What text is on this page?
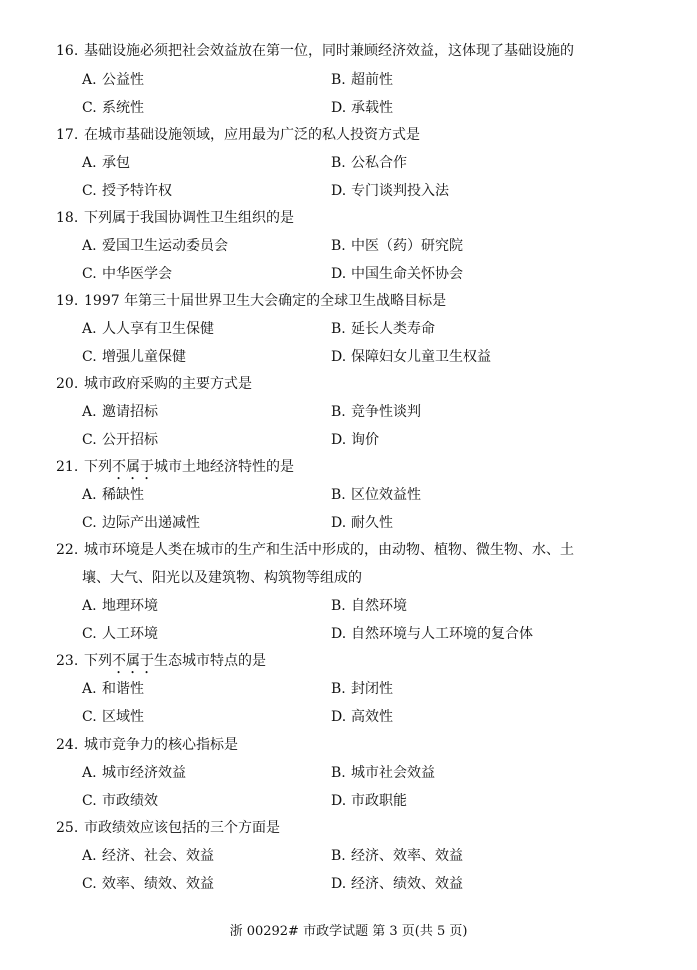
16. 基础设施必须把社会效益放在第一位，同时兼顾经济效益，这体现了基础设施的
A. 公益性	B. 超前性
C. 系统性	D. 承载性
17. 在城市基础设施领域，应用最为广泛的私人投资方式是
A. 承包	B. 公私合作
C. 授予特许权	D. 专门谈判投入法
18. 下列属于我国协调性卫生组织的是
A. 爱国卫生运动委员会	B. 中医（药）研究院
C. 中华医学会	D. 中国生命关怀协会
19. 1997 年第三十届世界卫生大会确定的全球卫生战略目标是
A. 人人享有卫生保健	B. 延长人类寿命
C. 增强儿童保健	D. 保障妇女儿童卫生权益
20. 城市政府采购的主要方式是
A. 邀请招标	B. 竞争性谈判
C. 公开招标	D. 询价
21. 下列不属于城市土地经济特性的是
A. 稀缺性	B. 区位效益性
C. 边际产出递减性	D. 耐久性
22. 城市环境是人类在城市的生产和生活中形成的，由动物、植物、微生物、水、土
壤、大气、阳光以及建筑物、构筑物等组成的
A. 地理环境	B. 自然环境
C. 人工环境	D. 自然环境与人工环境的复合体
23. 下列不属于生态城市特点的是
A. 和谐性	B. 封闭性
C. 区域性	D. 高效性
24. 城市竞争力的核心指标是
A. 城市经济效益	B. 城市社会效益
C. 市政绩效	D. 市政职能
25. 市政绩效应该包括的三个方面是
A. 经济、社会、效益	B. 经济、效率、效益
C. 效率、绩效、效益	D. 经济、绩效、效益
浙 00292# 市政学试题 第 3 页(共 5 页)
